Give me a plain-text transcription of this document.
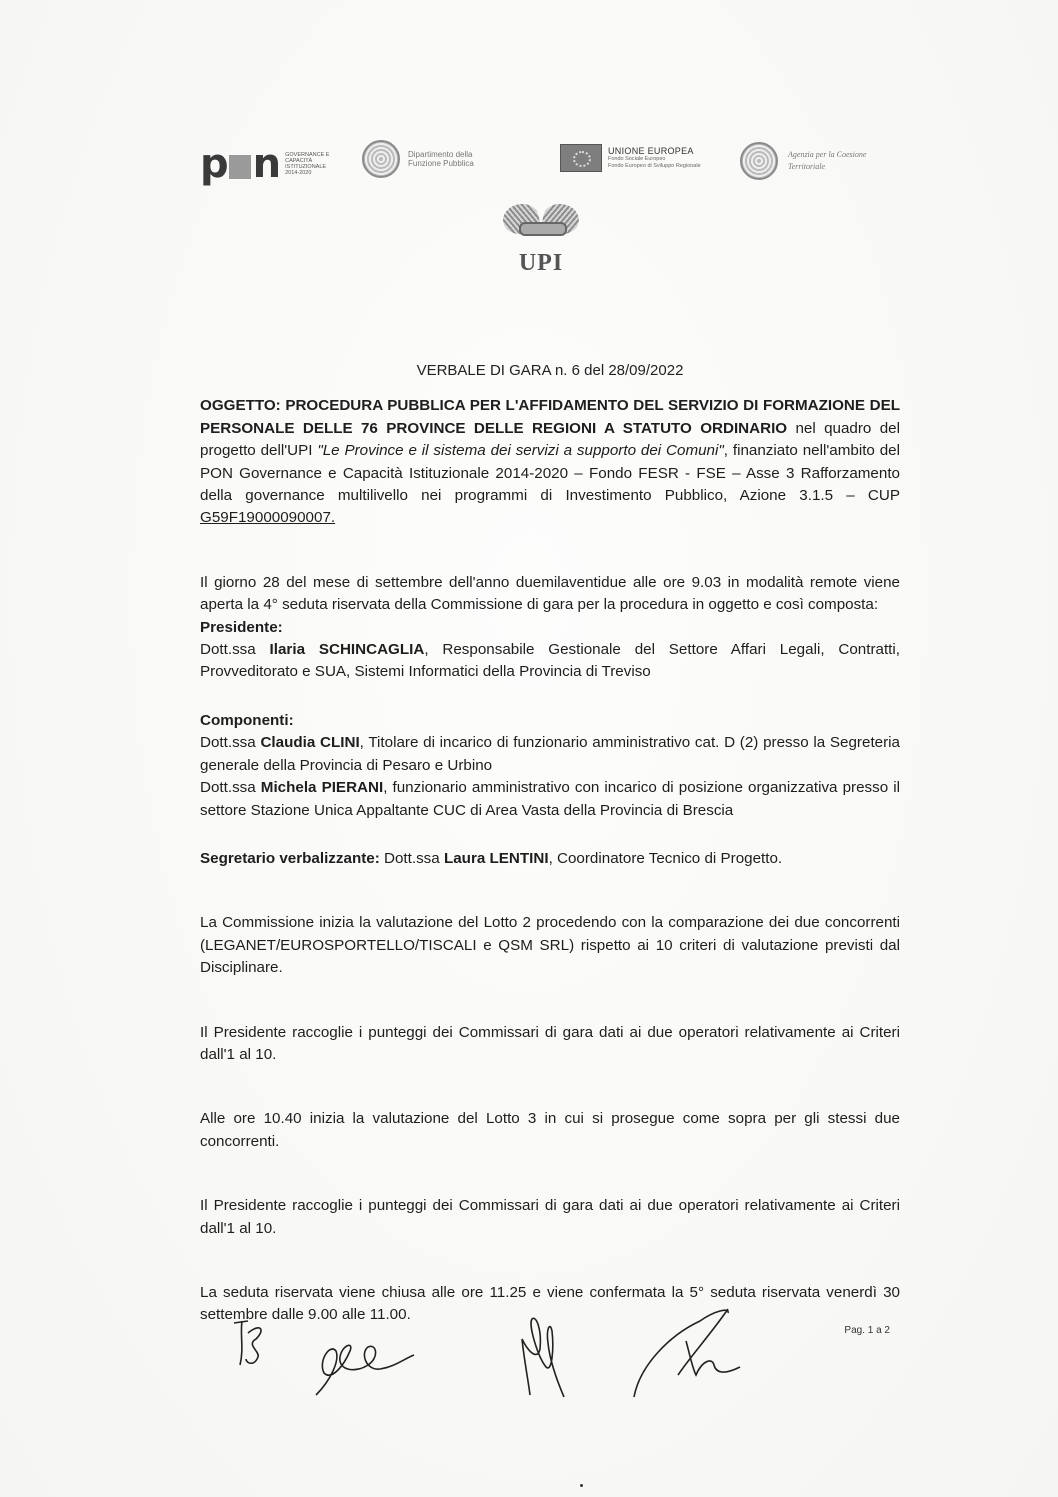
p n GOVERNANCE E CAPACITÀ ISTITUZIONALE 2014-2020
Dipartimento della Funzione Pubblica
UNIONE EUROPEA
Fondo Sociale Europeo
Fondo Europeo di Sviluppo Regionale
Agenzia per la Coesione Territoriale
UPI

VERBALE DI GARA n. 6 del 28/09/2022

OGGETTO: PROCEDURA PUBBLICA PER L'AFFIDAMENTO DEL SERVIZIO DI FORMAZIONE DEL PERSONALE DELLE 76 PROVINCE DELLE REGIONI A STATUTO ORDINARIO nel quadro del progetto dell'UPI "Le Province e il sistema dei servizi a supporto dei Comuni", finanziato nell'ambito del PON Governance e Capacità Istituzionale 2014-2020 – Fondo FESR - FSE – Asse 3 Rafforzamento della governance multilivello nei programmi di Investimento Pubblico, Azione 3.1.5 – CUP G59F19000090007.

Il giorno 28 del mese di settembre dell'anno duemilaventidue alle ore 9.03 in modalità remote viene aperta la 4° seduta riservata della Commissione di gara per la procedura in oggetto e così composta:

Presidente:

Dott.ssa Ilaria SCHINCAGLIA, Responsabile Gestionale del Settore Affari Legali, Contratti, Provveditorato e SUA, Sistemi Informatici della Provincia di Treviso

Componenti:

Dott.ssa Claudia CLINI, Titolare di incarico di funzionario amministrativo cat. D (2) presso la Segreteria generale della Provincia di Pesaro e Urbino

Dott.ssa Michela PIERANI, funzionario amministrativo con incarico di posizione organizzativa presso il settore Stazione Unica Appaltante CUC di Area Vasta della Provincia di Brescia

Segretario verbalizzante: Dott.ssa Laura LENTINI, Coordinatore Tecnico di Progetto.

La Commissione inizia la valutazione del Lotto 2 procedendo con la comparazione dei due concorrenti (LEGANET/EUROSPORTELLO/TISCALI e QSM SRL) rispetto ai 10 criteri di valutazione previsti dal Disciplinare.

Il Presidente raccoglie i punteggi dei Commissari di gara dati ai due operatori relativamente ai Criteri dall'1 al 10.

Alle ore 10.40 inizia la valutazione del Lotto 3 in cui si prosegue come sopra per gli stessi due concorrenti.

Il Presidente raccoglie i punteggi dei Commissari di gara dati ai due operatori relativamente ai Criteri dall'1 al 10.

La seduta riservata viene chiusa alle ore 11.25 e viene confermata la 5° seduta riservata venerdì 30 settembre dalle 9.00 alle 11.00.

Pag. 1 a 2
